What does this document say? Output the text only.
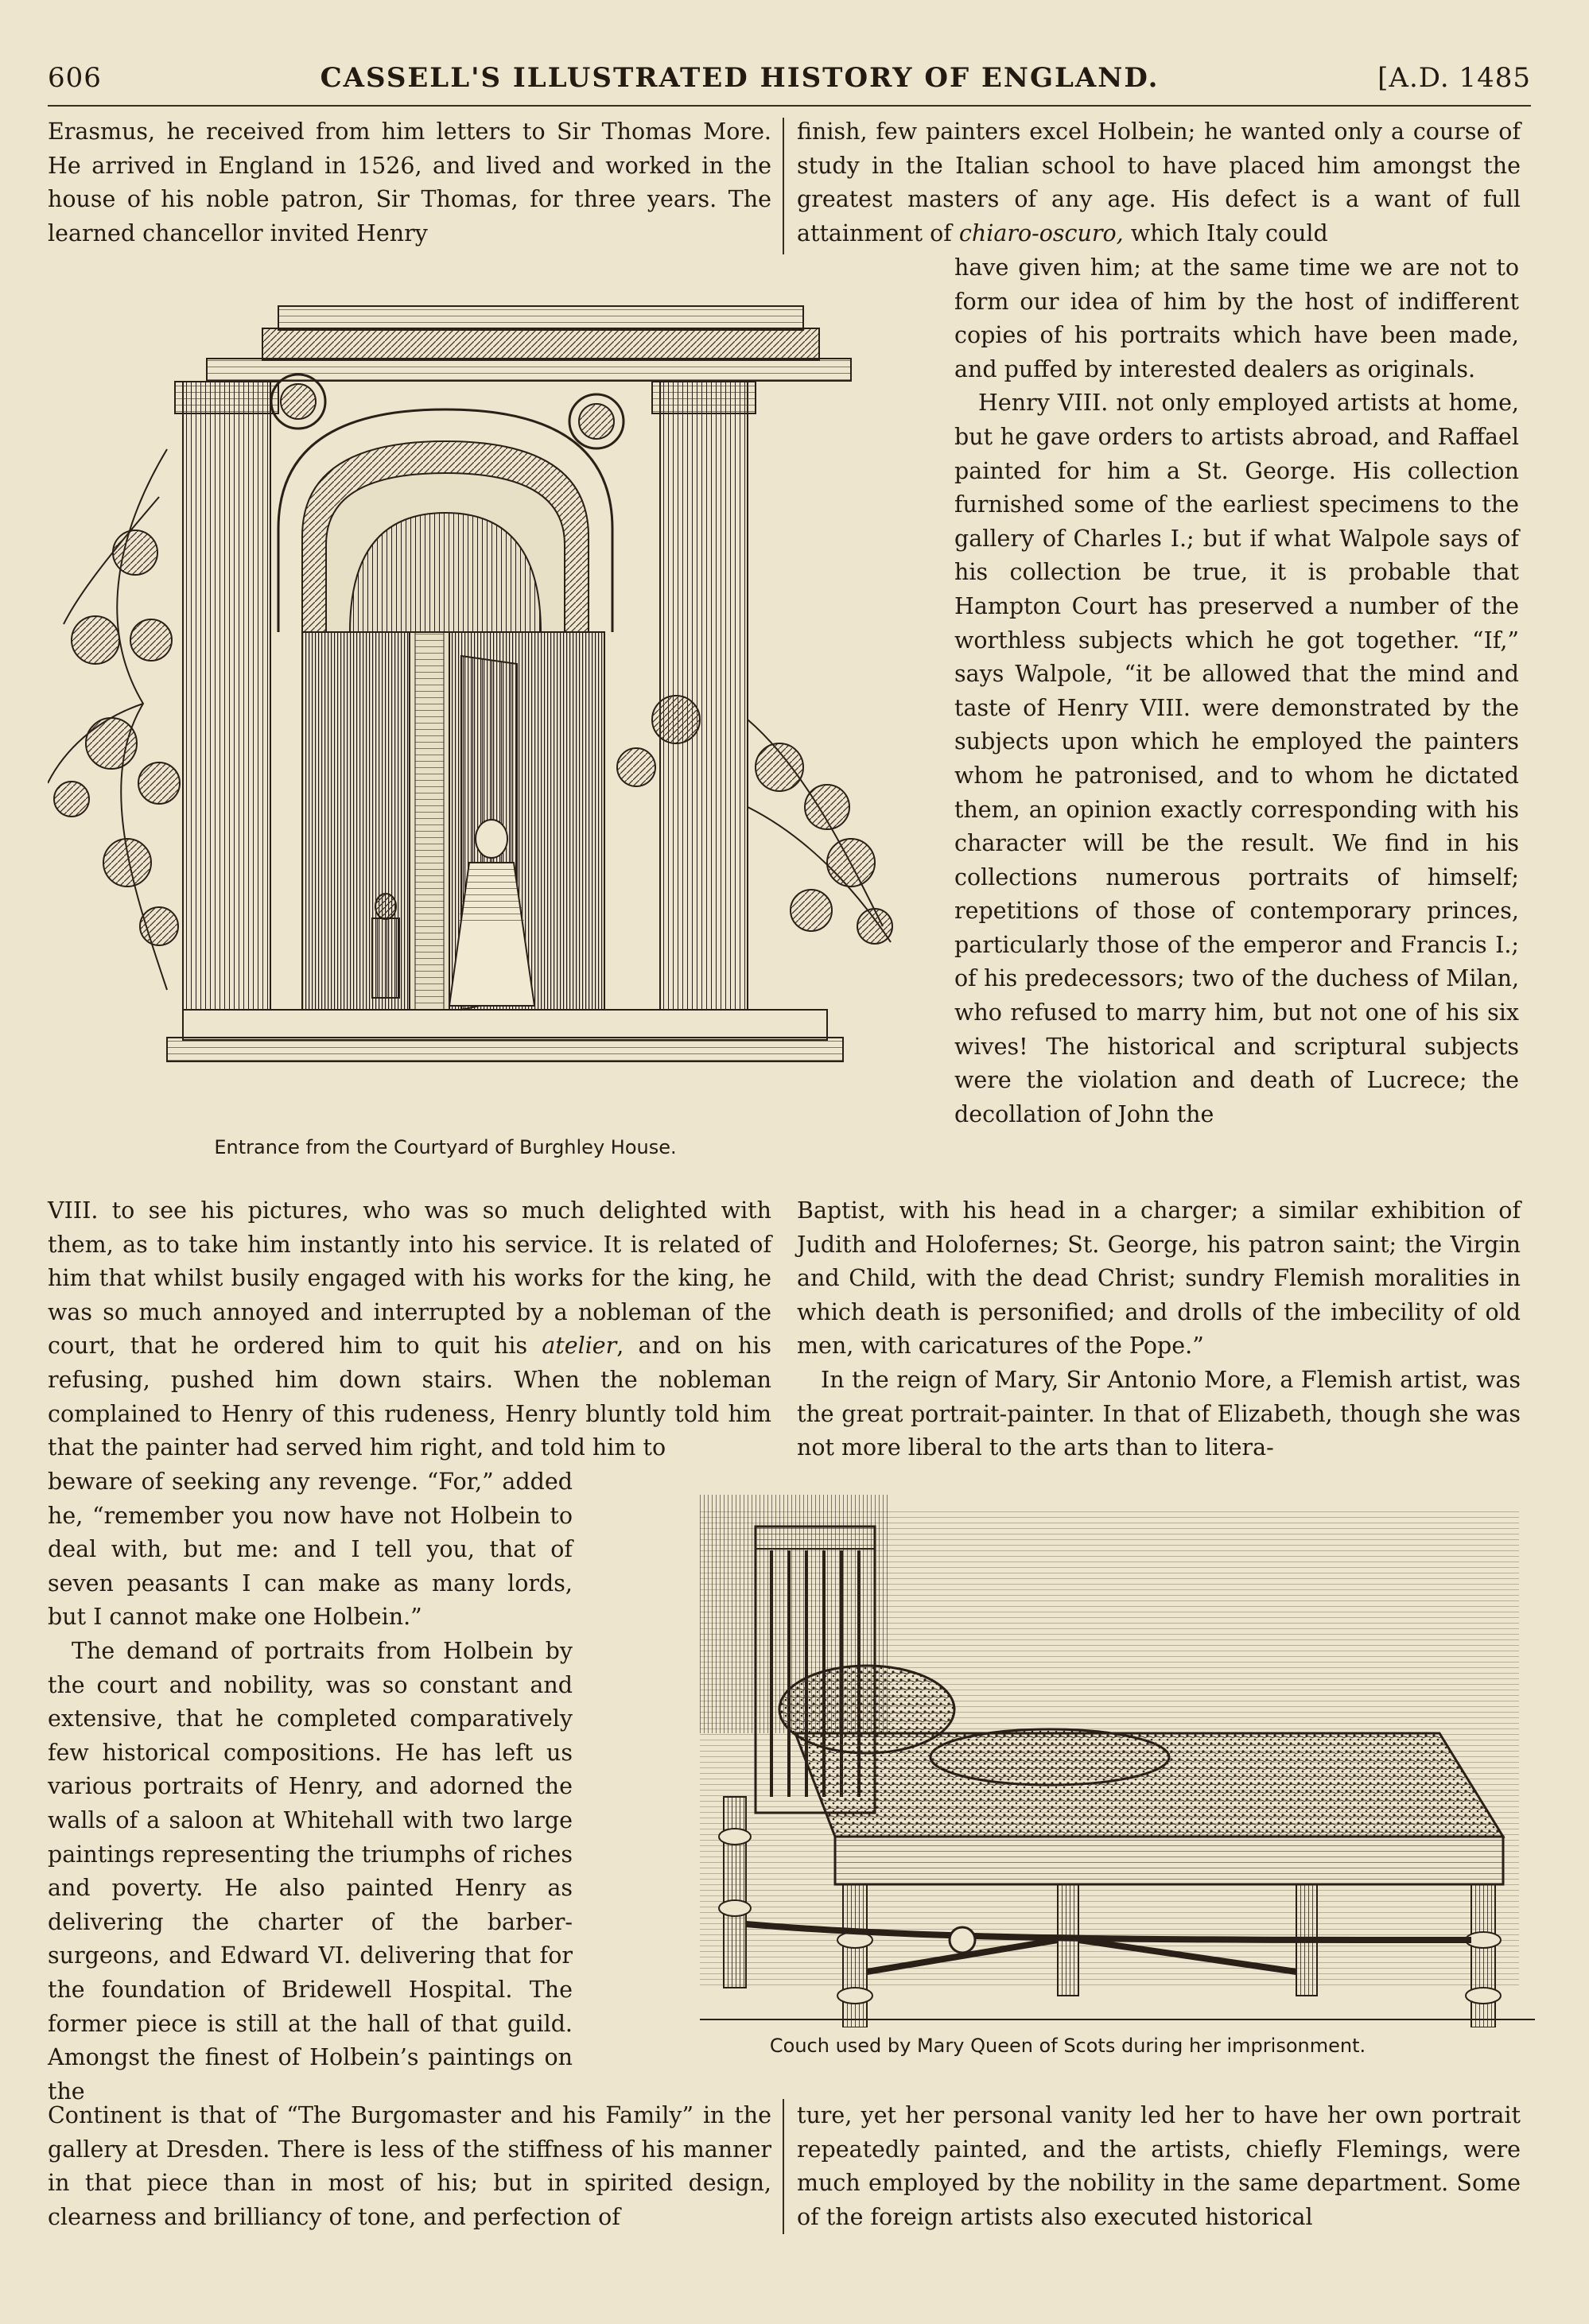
606	CASSELL'S ILLUSTRATED HISTORY OF ENGLAND.	[A.D. 1485

Erasmus, he received from him letters to Sir Thomas More. He arrived in England in 1526, and lived and worked in the house of his noble patron, Sir Thomas, for three years. The learned chancellor invited Henry

Entrance from the Courtyard of Burghley House.

VIII. to see his pictures, who was so much delighted with them, as to take him instantly into his service. It is related of him that whilst busily engaged with his works for the king, he was so much annoyed and interrupted by a nobleman of the court, that he ordered him to quit his atelier, and on his refusing, pushed him down stairs. When the nobleman complained to Henry of this rudeness, Henry bluntly told him that the painter had served him right, and told him to

beware of seeking any revenge. “For,” added he, “remember you now have not Holbein to deal with, but me: and I tell you, that of seven peasants I can make as many lords, but I cannot make one Holbein.”

The demand of portraits from Holbein by the court and nobility, was so constant and extensive, that he completed comparatively few historical compositions. He has left us various portraits of Henry, and adorned the walls of a saloon at Whitehall with two large paintings representing the triumphs of riches and poverty. He also painted Henry as delivering the charter of the barber-surgeons, and Edward VI. delivering that for the foundation of Bridewell Hospital. The former piece is still at the hall of that guild. Amongst the finest of Holbein’s paintings on the

Couch used by Mary Queen of Scots during her imprisonment.

Continent is that of “The Burgomaster and his Family” in the gallery at Dresden. There is less of the stiffness of his manner in that piece than in most of his; but in spirited design, clearness and brilliancy of tone, and perfection of

finish, few painters excel Holbein; he wanted only a course of study in the Italian school to have placed him amongst the greatest masters of any age. His defect is a want of full attainment of chiaro-oscuro, which Italy could

have given him; at the same time we are not to form our idea of him by the host of indifferent copies of his portraits which have been made, and puffed by interested dealers as originals.

Henry VIII. not only employed artists at home, but he gave orders to artists abroad, and Raffael painted for him a St. George. His collection furnished some of the earliest specimens to the gallery of Charles I.; but if what Walpole says of his collection be true, it is probable that Hampton Court has preserved a number of the worthless subjects which he got together. “If,” says Walpole, “it be allowed that the mind and taste of Henry VIII. were demonstrated by the subjects upon which he employed the painters whom he patronised, and to whom he dictated them, an opinion exactly corresponding with his character will be the result. We find in his collections numerous portraits of himself; repetitions of those of contemporary princes, particularly those of the emperor and Francis I.; of his predecessors; two of the duchess of Milan, who refused to marry him, but not one of his six wives! The historical and scriptural subjects were the violation and death of Lucrece; the decollation of John the

Baptist, with his head in a charger; a similar exhibition of Judith and Holofernes; St. George, his patron saint; the Virgin and Child, with the dead Christ; sundry Flemish moralities in which death is personified; and drolls of the imbecility of old men, with caricatures of the Pope.”

In the reign of Mary, Sir Antonio More, a Flemish artist, was the great portrait-painter. In that of Elizabeth, though she was not more liberal to the arts than to litera-

ture, yet her personal vanity led her to have her own portrait repeatedly painted, and the artists, chiefly Flemings, were much employed by the nobility in the same department. Some of the foreign artists also executed historical
